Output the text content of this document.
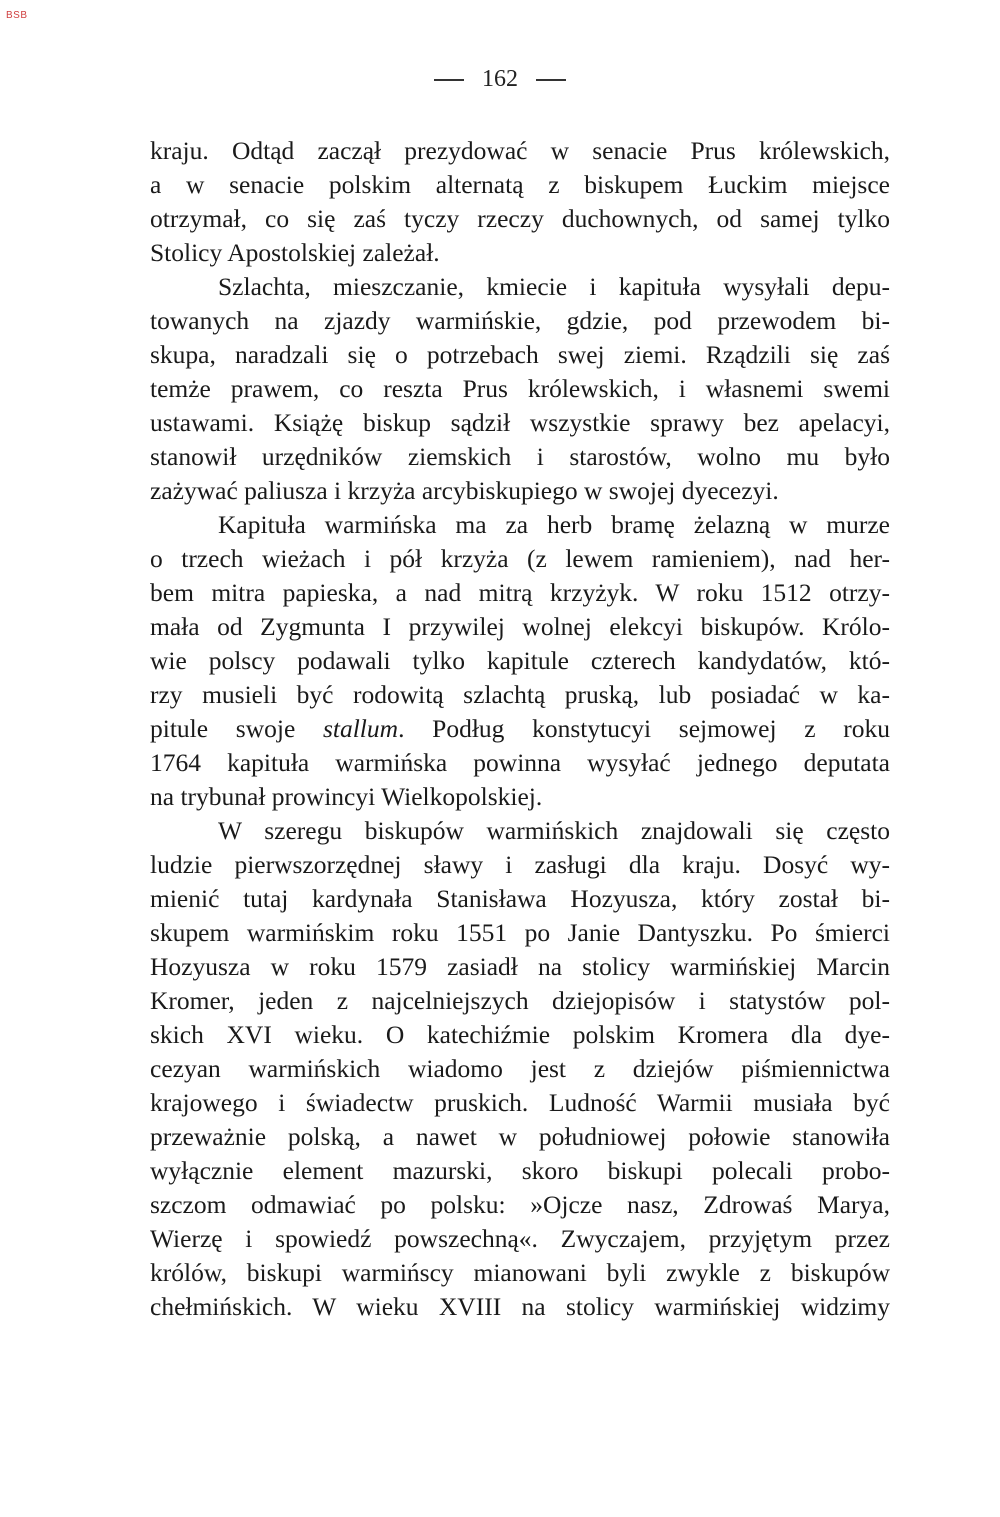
BSB
162
kraju. Odtąd zaczął prezydować w senacie Prus królewskich,
a w senacie polskim alternatą z biskupem Łuckim miejsce
otrzymał, co się zaś tyczy rzeczy duchownych, od samej tylko
Stolicy Apostolskiej zależał.
Szlachta, mieszczanie, kmiecie i kapituła wysyłali depu-
towanych na zjazdy warmińskie, gdzie, pod przewodem bi-
skupa, naradzali się o potrzebach swej ziemi. Rządzili się zaś
temże prawem, co reszta Prus królewskich, i własnemi swemi
ustawami. Książę biskup sądził wszystkie sprawy bez apelacyi,
stanowił urzędników ziemskich i starostów, wolno mu było
zażywać paliusza i krzyża arcybiskupiego w swojej dyecezyi.
Kapituła warmińska ma za herb bramę żelazną w murze
o trzech wieżach i pół krzyża (z lewem ramieniem), nad her-
bem mitra papieska, a nad mitrą krzyżyk. W roku 1512 otrzy-
mała od Zygmunta I przywilej wolnej elekcyi biskupów. Królo-
wie polscy podawali tylko kapitule czterech kandydatów, któ-
rzy musieli być rodowitą szlachtą pruską, lub posiadać w ka-
pitule swoje stallum. Podług konstytucyi sejmowej z roku
1764 kapituła warmińska powinna wysyłać jednego deputata
na trybunał prowincyi Wielkopolskiej.
W szeregu biskupów warmińskich znajdowali się często
ludzie pierwszorzędnej sławy i zasługi dla kraju. Dosyć wy-
mienić tutaj kardynała Stanisława Hozyusza, który został bi-
skupem warmińskim roku 1551 po Janie Dantyszku. Po śmierci
Hozyusza w roku 1579 zasiadł na stolicy warmińskiej Marcin
Kromer, jeden z najcelniejszych dziejopisów i statystów pol-
skich XVI wieku. O katechiźmie polskim Kromera dla dye-
cezyan warmińskich wiadomo jest z dziejów piśmiennictwa
krajowego i świadectw pruskich. Ludność Warmii musiała być
przeważnie polską, a nawet w południowej połowie stanowiła
wyłącznie element mazurski, skoro biskupi polecali probo-
szczom odmawiać po polsku: »Ojcze nasz, Zdrowaś Marya,
Wierzę i spowiedź powszechną«. Zwyczajem, przyjętym przez
królów, biskupi warmińscy mianowani byli zwykle z biskupów
chełmińskich. W wieku XVIII na stolicy warmińskiej widzimy
